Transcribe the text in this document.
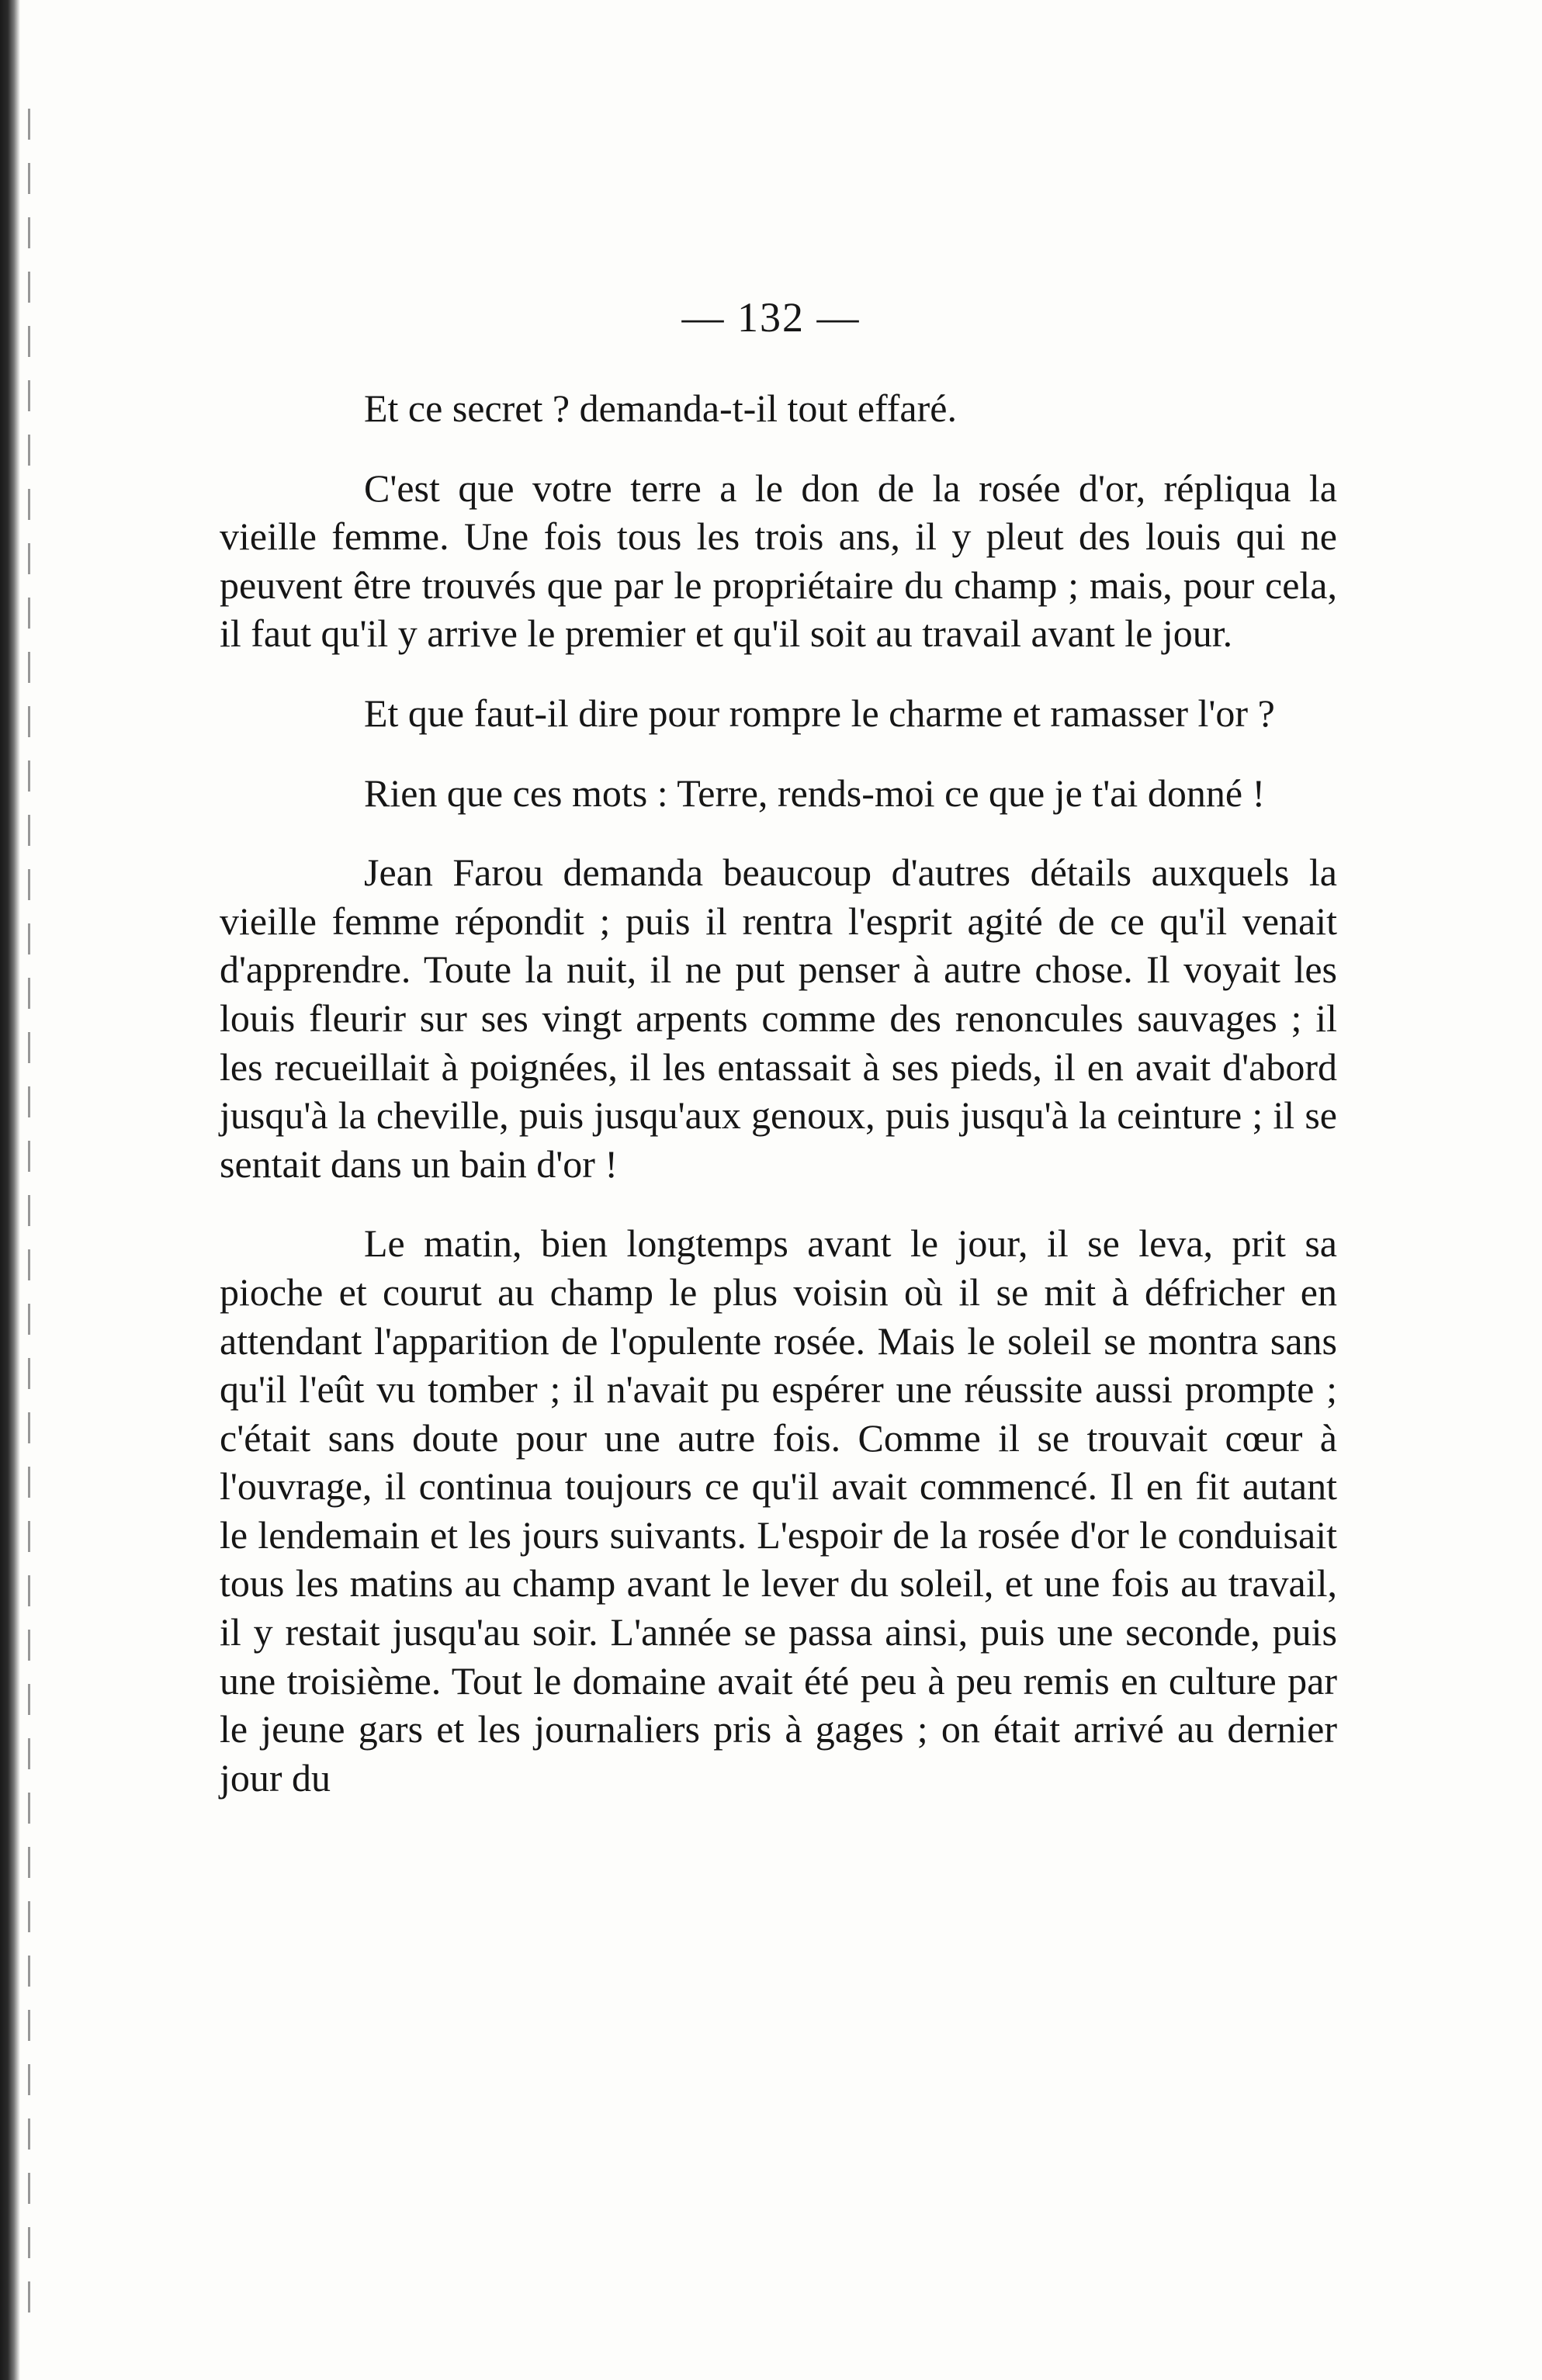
— 132 —

Et ce secret ? demanda-t-il tout effaré.

C'est que votre terre a le don de la rosée d'or, répliqua la vieille femme. Une fois tous les trois ans, il y pleut des louis qui ne peuvent être trouvés que par le propriétaire du champ ; mais, pour cela, il faut qu'il y arrive le premier et qu'il soit au travail avant le jour.

Et que faut-il dire pour rompre le charme et ramasser l'or ?

Rien que ces mots : Terre, rends-moi ce que je t'ai donné !

Jean Farou demanda beaucoup d'autres détails auxquels la vieille femme répondit ; puis il rentra l'esprit agité de ce qu'il venait d'apprendre. Toute la nuit, il ne put penser à autre chose. Il voyait les louis fleurir sur ses vingt arpents comme des renoncules sauvages ; il les recueillait à poignées, il les entassait à ses pieds, il en avait d'abord jusqu'à la cheville, puis jusqu'aux genoux, puis jusqu'à la ceinture ; il se sentait dans un bain d'or !

Le matin, bien longtemps avant le jour, il se leva, prit sa pioche et courut au champ le plus voisin où il se mit à défricher en attendant l'apparition de l'opulente rosée. Mais le soleil se montra sans qu'il l'eût vu tomber ; il n'avait pu espérer une réussite aussi prompte ; c'était sans doute pour une autre fois. Comme il se trouvait cœur à l'ouvrage, il continua toujours ce qu'il avait commencé. Il en fit autant le lendemain et les jours suivants. L'espoir de la rosée d'or le conduisait tous les matins au champ avant le lever du soleil, et une fois au travail, il y restait jusqu'au soir. L'année se passa ainsi, puis une seconde, puis une troisième. Tout le domaine avait été peu à peu remis en culture par le jeune gars et les journaliers pris à gages ; on était arrivé au dernier jour du
